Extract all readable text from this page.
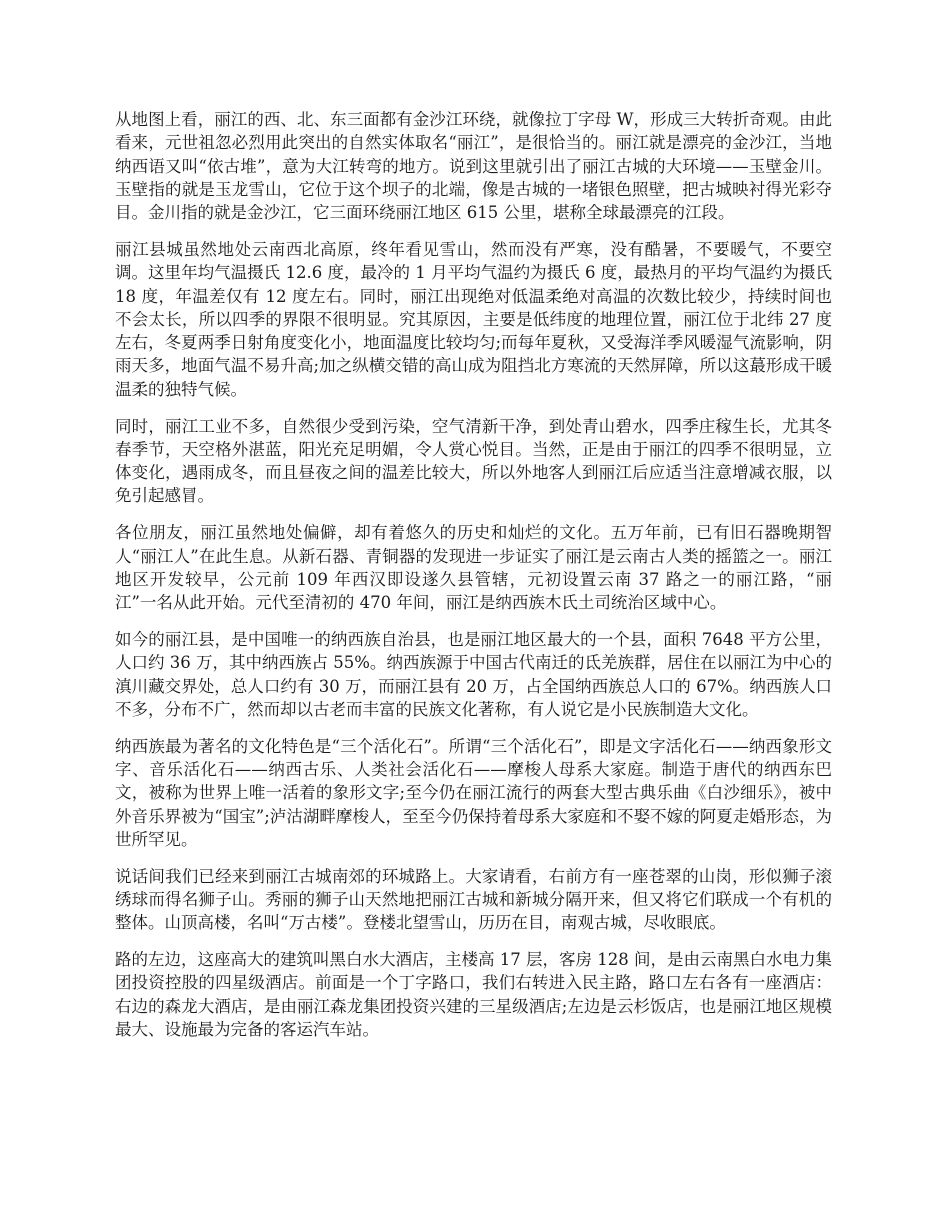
从地图上看，丽江的西、北、东三面都有金沙江环绕，就像拉丁字母 W，形成三大转折奇观。由此看来，元世祖忽必烈用此突出的自然实体取名“丽江”，是很恰当的。丽江就是漂亮的金沙江，当地纳西语又叫“依古堆”，意为大江转弯的地方。说到这里就引出了丽江古城的大环境——玉壁金川。玉壁指的就是玉龙雪山，它位于这个坝子的北端，像是古城的一堵银色照壁，把古城映衬得光彩夺目。金川指的就是金沙江，它三面环绕丽江地区 615 公里，堪称全球最漂亮的江段。

丽江县城虽然地处云南西北高原，终年看见雪山，然而没有严寒，没有酷暑，不要暖气，不要空调。这里年均气温摄氏 12.6 度，最冷的 1 月平均气温约为摄氏 6 度，最热月的平均气温约为摄氏 18 度，年温差仅有 12 度左右。同时，丽江出现绝对低温柔绝对高温的次数比较少，持续时间也不会太长，所以四季的界限不很明显。究其原因，主要是低纬度的地理位置，丽江位于北纬 27 度左右，冬夏两季日射角度变化小，地面温度比较均匀;而每年夏秋，又受海洋季风暖湿气流影响，阴雨天多，地面气温不易升高;加之纵横交错的高山成为阻挡北方寒流的天然屏障，所以这蕞形成干暖温柔的独特气候。

同时，丽江工业不多，自然很少受到污染，空气清新干净，到处青山碧水，四季庄稼生长，尤其冬春季节，天空格外湛蓝，阳光充足明媚，令人赏心悦目。当然，正是由于丽江的四季不很明显，立体变化，遇雨成冬，而且昼夜之间的温差比较大，所以外地客人到丽江后应适当注意增减衣服，以免引起感冒。

各位朋友，丽江虽然地处偏僻，却有着悠久的历史和灿烂的文化。五万年前，已有旧石器晚期智人“丽江人”在此生息。从新石器、青铜器的发现进一步证实了丽江是云南古人类的摇篮之一。丽江地区开发较早，公元前 109 年西汉即设遂久县管辖，元初设置云南 37 路之一的丽江路，“丽江”一名从此开始。元代至清初的 470 年间，丽江是纳西族木氏土司统治区域中心。

如今的丽江县，是中国唯一的纳西族自治县，也是丽江地区最大的一个县，面积 7648 平方公里，人口约 36 万，其中纳西族占 55%。纳西族源于中国古代南迁的氐羌族群，居住在以丽江为中心的滇川藏交界处，总人口约有 30 万，而丽江县有 20 万，占全国纳西族总人口的 67%。纳西族人口不多，分布不广，然而却以古老而丰富的民族文化著称，有人说它是小民族制造大文化。

纳西族最为著名的文化特色是“三个活化石”。所谓“三个活化石”，即是文字活化石——纳西象形文字、音乐活化石——纳西古乐、人类社会活化石——摩梭人母系大家庭。制造于唐代的纳西东巴文，被称为世界上唯一活着的象形文字;至今仍在丽江流行的两套大型古典乐曲《白沙细乐》，被中外音乐界被为“国宝”;泸沽湖畔摩梭人，至至今仍保持着母系大家庭和不娶不嫁的阿夏走婚形态，为世所罕见。

说话间我们已经来到丽江古城南郊的环城路上。大家请看，右前方有一座苍翠的山岗，形似狮子滚绣球而得名狮子山。秀丽的狮子山天然地把丽江古城和新城分隔开来，但又将它们联成一个有机的整体。山顶高楼，名叫“万古楼”。登楼北望雪山，历历在目，南观古城，尽收眼底。

路的左边，这座高大的建筑叫黑白水大酒店，主楼高 17 层，客房 128 间，是由云南黑白水电力集团投资控股的四星级酒店。前面是一个丁字路口，我们右转进入民主路，路口左右各有一座酒店：右边的森龙大酒店，是由丽江森龙集团投资兴建的三星级酒店;左边是云杉饭店，也是丽江地区规模最大、设施最为完备的客运汽车站。
